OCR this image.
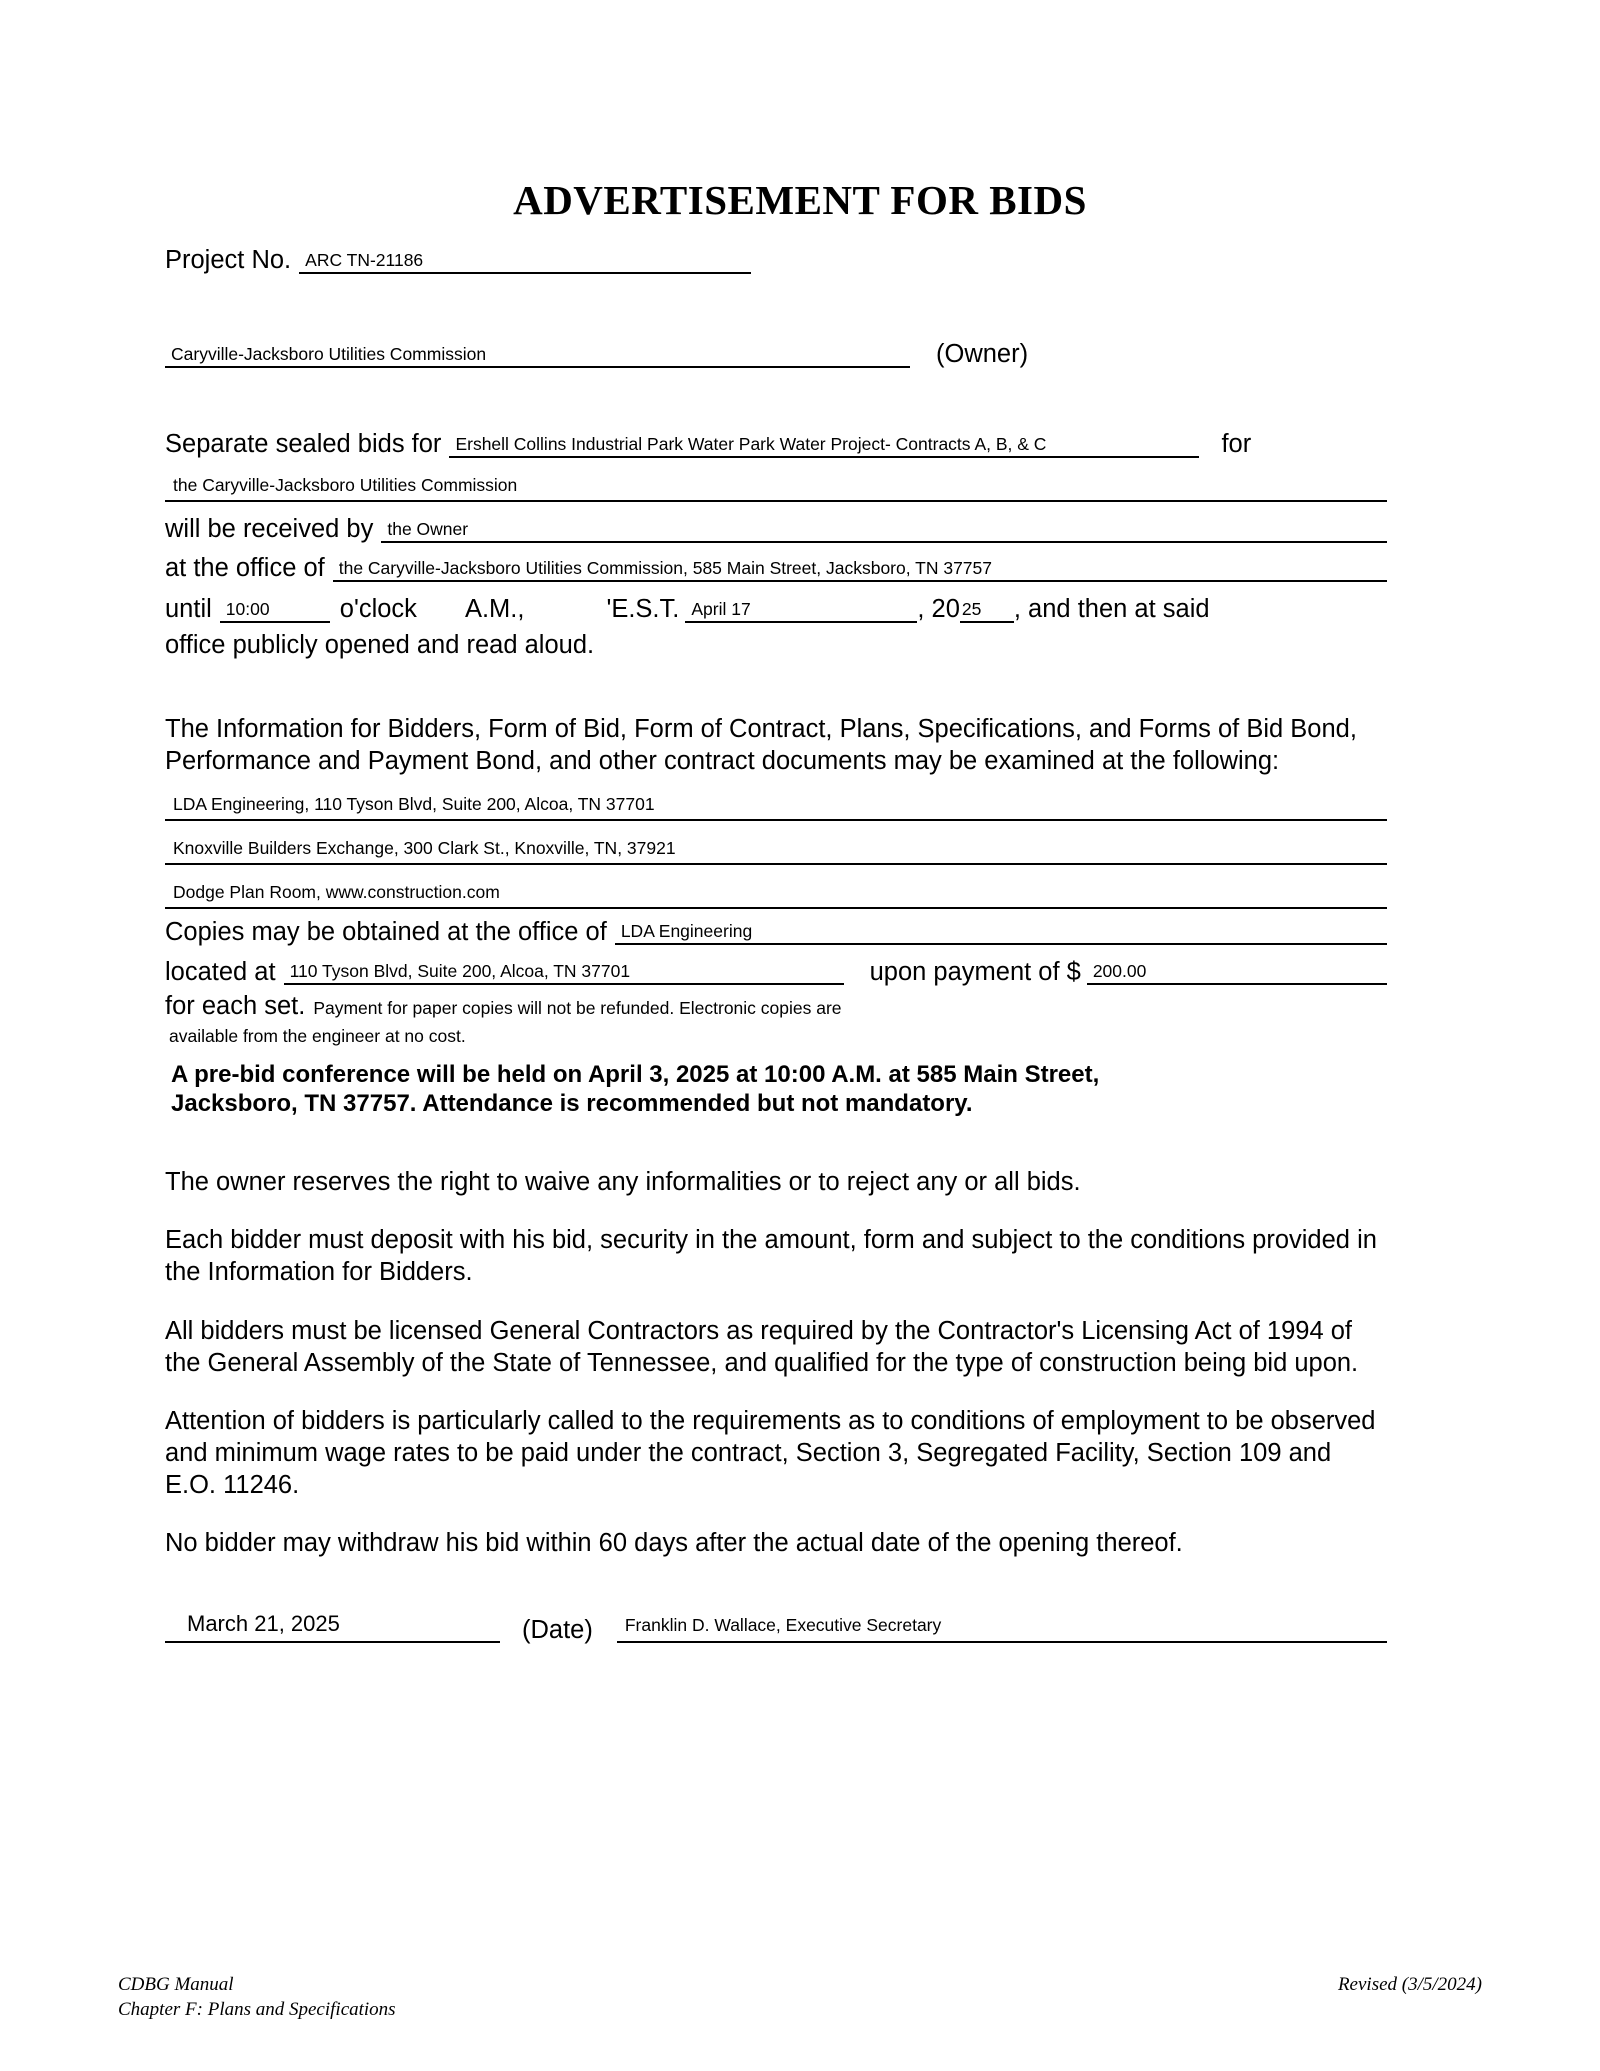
ADVERTISEMENT FOR BIDS
Project No. ARC TN-21186
Caryville-Jacksboro Utilities Commission	(Owner)
Separate sealed bids for Ershell Collins Industrial Park Water Park Water Project- Contracts A, B, & C	for
the Caryville-Jacksboro Utilities Commission
will be received by the Owner
at the office of the Caryville-Jacksboro Utilities Commission, 585 Main Street, Jacksboro, TN 37757
until 10:00	o'clock A.M.,	'E.S.T. April 17	, 20 25 , and then at said
office publicly opened and read aloud.
The Information for Bidders, Form of Bid, Form of Contract, Plans, Specifications, and Forms of Bid Bond, Performance and Payment Bond, and other contract documents may be examined at the following:
LDA Engineering, 110 Tyson Blvd, Suite 200, Alcoa, TN 37701
Knoxville Builders Exchange, 300 Clark St., Knoxville, TN, 37921
Dodge Plan Room, www.construction.com
Copies may be obtained at the office of LDA Engineering
located at 110 Tyson Blvd, Suite 200, Alcoa, TN 37701	upon payment of $ 200.00
for each set. Payment for paper copies will not be refunded. Electronic copies are
available from the engineer at no cost.
A pre-bid conference will be held on April 3, 2025 at 10:00 A.M. at 585 Main Street,
Jacksboro, TN 37757. Attendance is recommended but not mandatory.
The owner reserves the right to waive any informalities or to reject any or all bids.
Each bidder must deposit with his bid, security in the amount, form and subject to the conditions provided in the Information for Bidders.
All bidders must be licensed General Contractors as required by the Contractor's Licensing Act of 1994 of the General Assembly of the State of Tennessee, and qualified for the type of construction being bid upon.
Attention of bidders is particularly called to the requirements as to conditions of employment to be observed and minimum wage rates to be paid under the contract, Section 3, Segregated Facility, Section 109 and E.O. 11246.
No bidder may withdraw his bid within 60 days after the actual date of the opening thereof.
March 21, 2025	(Date) Franklin D. Wallace, Executive Secretary
CDBG Manual
Chapter F: Plans and Specifications
Revised (3/5/2024)
